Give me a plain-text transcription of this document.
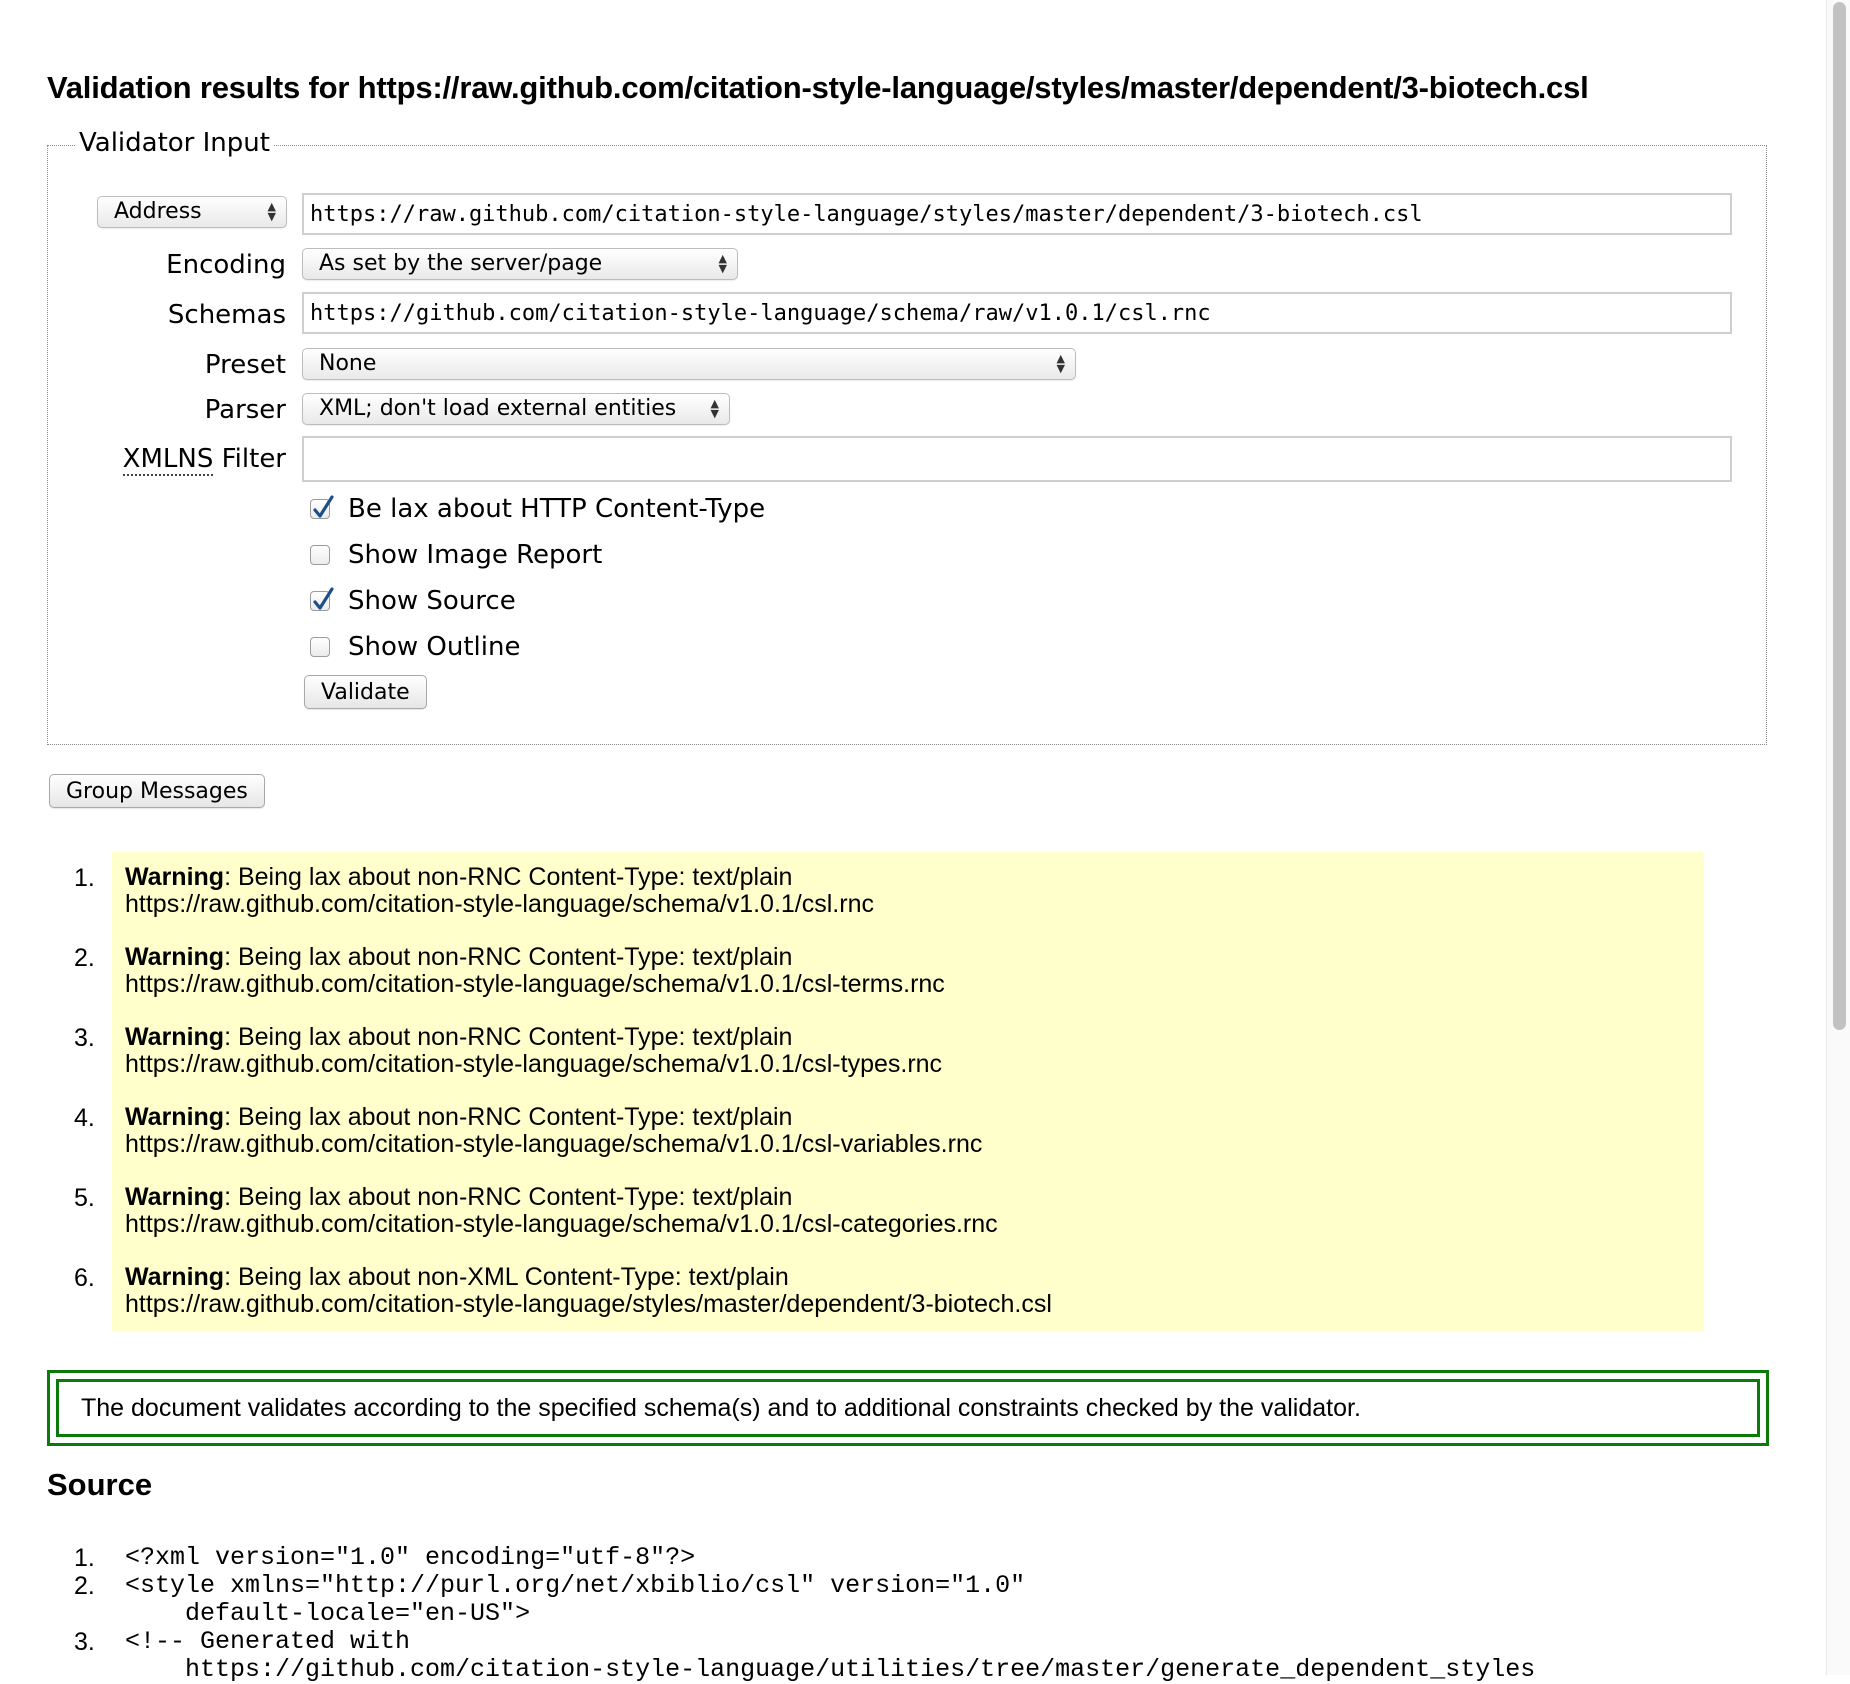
Validation results for https://raw.github.com/citation-style-language/styles/master/dependent/3-biotech.csl
Validator Input
Address	▲
▼	https://raw.github.com/citation-style-language/styles/master/dependent/3-biotech.csl
Encoding	As set by the server/page	▲
▼
Schemas	https://github.com/citation-style-language/schema/raw/v1.0.1/csl.rnc
Preset	None	▲
▼
Parser	XML; don't load external entities	▲
▼
XMLNS Filter
Be lax about HTTP Content-Type
Show Image Report
Show Source
Show Outline
Validate
Group Messages
1. Warning: Being lax about non-RNC Content-Type: text/plain
https://raw.github.com/citation-style-language/schema/v1.0.1/csl.rnc
2. Warning: Being lax about non-RNC Content-Type: text/plain
https://raw.github.com/citation-style-language/schema/v1.0.1/csl-terms.rnc
3. Warning: Being lax about non-RNC Content-Type: text/plain
https://raw.github.com/citation-style-language/schema/v1.0.1/csl-types.rnc
4. Warning: Being lax about non-RNC Content-Type: text/plain
https://raw.github.com/citation-style-language/schema/v1.0.1/csl-variables.rnc
5. Warning: Being lax about non-RNC Content-Type: text/plain
https://raw.github.com/citation-style-language/schema/v1.0.1/csl-categories.rnc
6. Warning: Being lax about non-XML Content-Type: text/plain
https://raw.github.com/citation-style-language/styles/master/dependent/3-biotech.csl
The document validates according to the specified schema(s) and to additional constraints checked by the validator.
Source
1. <?xml version="1.0" encoding="utf-8"?>
2. <style xmlns="http://purl.org/net/xbiblio/csl" version="1.0"
default-locale="en-US">
3. <!-- Generated with
https://github.com/citation-style-language/utilities/tree/master/generate_dependent_styles
